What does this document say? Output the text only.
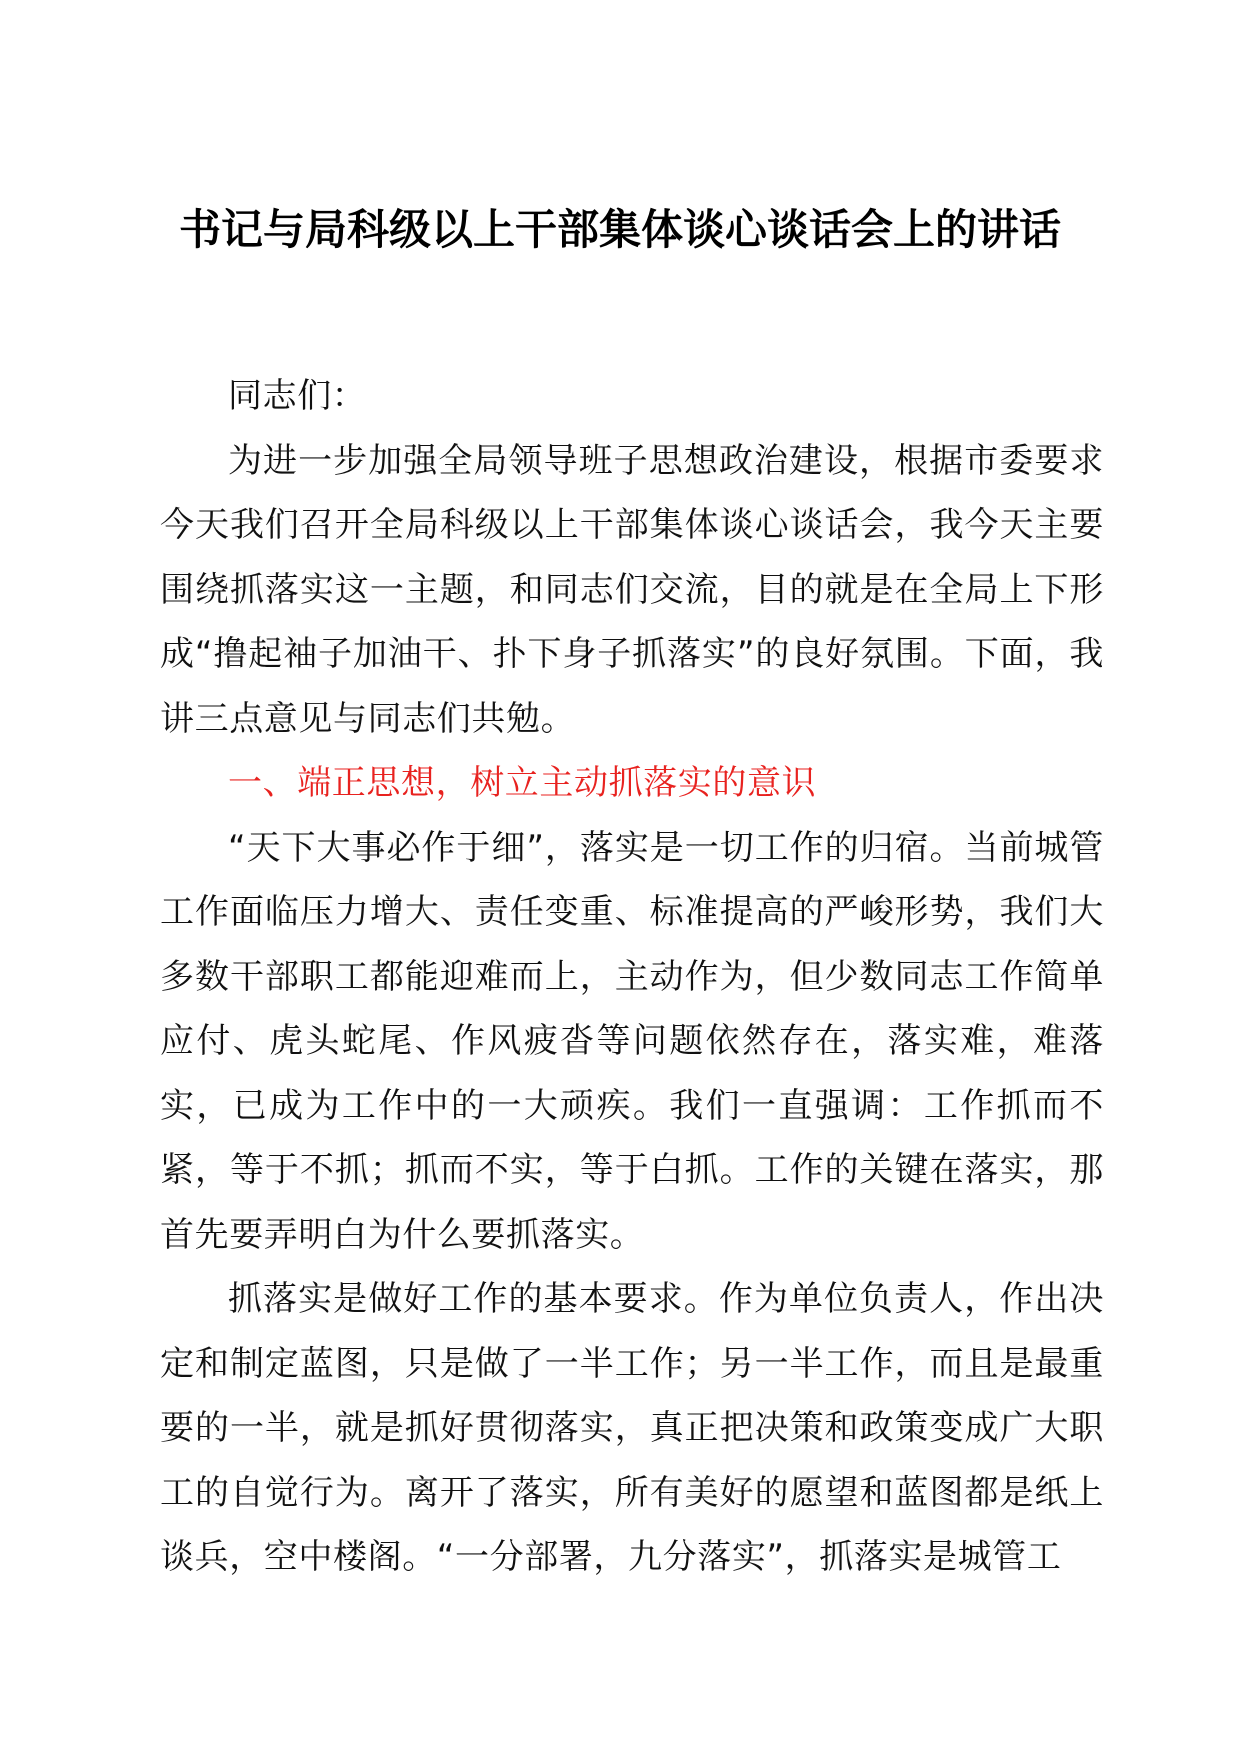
书记与局科级以上干部集体谈心谈话会上的讲话

同志们：

为进一步加强全局领导班子思想政治建设，根据市委要求今天我们召开全局科级以上干部集体谈心谈话会，我今天主要围绕抓落实这一主题，和同志们交流，目的就是在全局上下形成“撸起袖子加油干、扑下身子抓落实”的良好氛围。下面，我讲三点意见与同志们共勉。

一、端正思想，树立主动抓落实的意识

“天下大事必作于细”，落实是一切工作的归宿。当前城管工作面临压力增大、责任变重、标准提高的严峻形势，我们大多数干部职工都能迎难而上，主动作为，但少数同志工作简单应付、虎头蛇尾、作风疲沓等问题依然存在，落实难，难落实，已成为工作中的一大顽疾。我们一直强调：工作抓而不紧，等于不抓；抓而不实，等于白抓。工作的关键在落实，那首先要弄明白为什么要抓落实。

抓落实是做好工作的基本要求。作为单位负责人，作出决定和制定蓝图，只是做了一半工作；另一半工作，而且是最重要的一半，就是抓好贯彻落实，真正把决策和政策变成广大职工的自觉行为。离开了落实，所有美好的愿望和蓝图都是纸上谈兵，空中楼阁。“一分部署，九分落实”，抓落实是城管工
